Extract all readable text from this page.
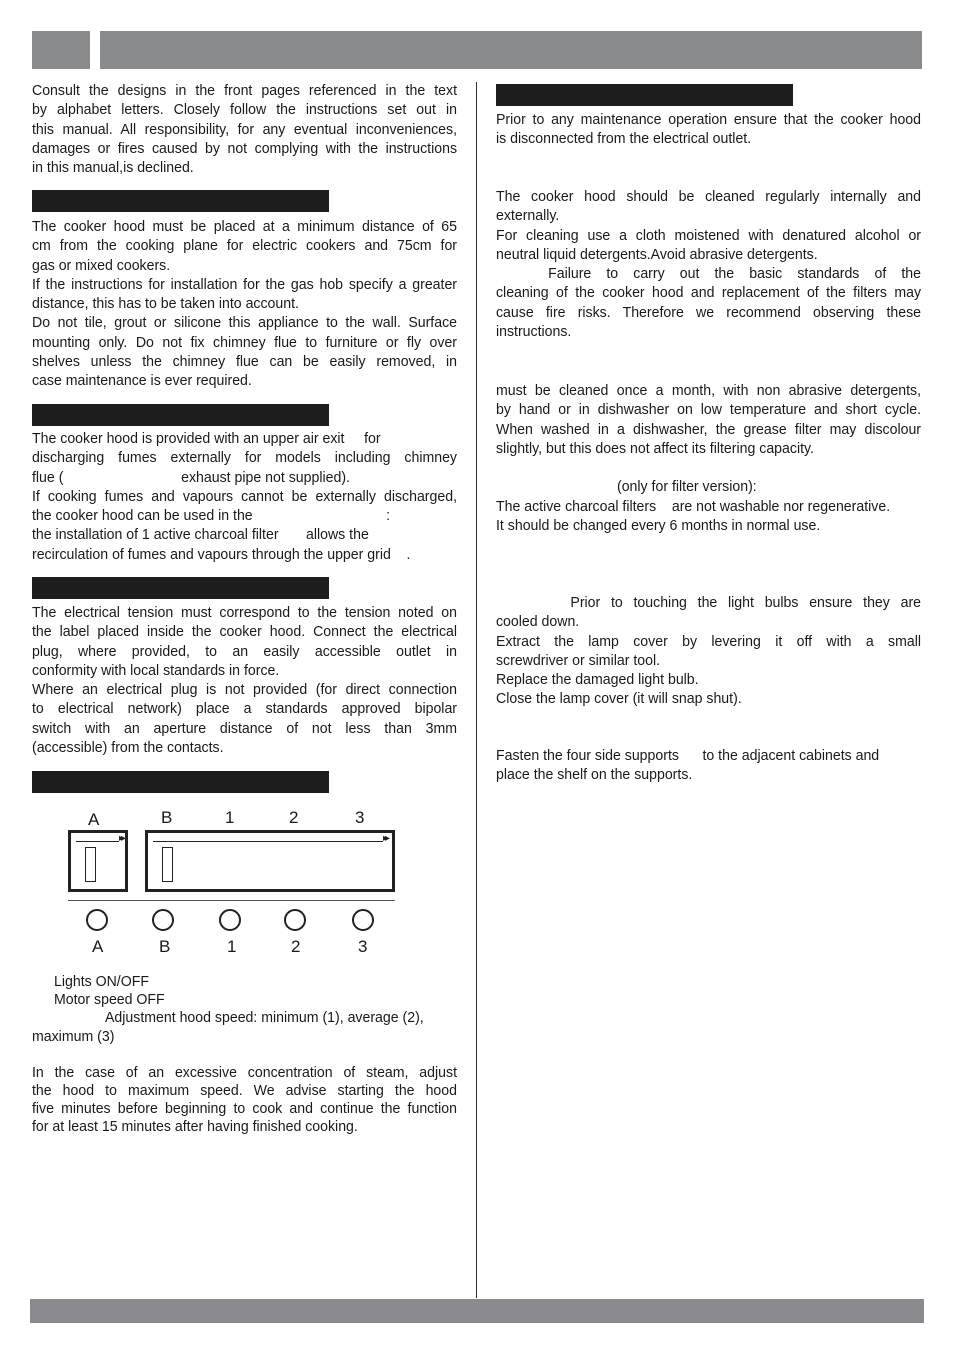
Consult the designs in the front pages referenced in the text
by alphabet letters. Closely follow the instructions set out in
this manual. All responsibility, for any eventual inconveniences,
damages or fires caused by not complying with the instructions
in this manual,is declined.
The cooker hood must be placed at a minimum distance of 65
cm from the cooking plane for electric cookers and 75cm for
gas or mixed cookers.
If the instructions for installation for the gas hob specify a greater
distance, this has to be taken into account.
Do not tile, grout or silicone this appliance to the wall. Surface
mounting only. Do not fix chimney flue to furniture or fly over
shelves unless the chimney flue can be easily removed, in
case maintenance is ever required.
The cooker hood is provided with an upper air exit     for
discharging fumes externally for models including chimney
flue (                              exhaust pipe not supplied).
If cooking fumes and vapours cannot be externally discharged,
the cooker hood can be used in the                                  :
the installation of 1 active charcoal filter       allows the
recirculation of fumes and vapours through the upper grid    .
The electrical tension must correspond to the tension noted on
the label placed inside the cooker hood. Connect the electrical
plug, where provided, to an easily accessible outlet in
conformity with local standards in force.
Where an electrical plug is not provided (for direct connection
to electrical network) place a standards approved bipolar
switch with an aperture distance of not less than 3mm
(accessible) from the contacts.
A	B	1	2	3
▸▸
▸▸
A	B	1	2	3

Lights ON/OFF

Motor speed OFF

Adjustment hood speed: minimum (1), average (2),

maximum (3)

In the case of an excessive concentration of steam, adjust
the hood to maximum speed. We advise starting the hood
five minutes before beginning to cook and continue the function
for at least 15 minutes after having finished cooking.
Prior to any maintenance operation ensure that the cooker hood
is disconnected from the electrical outlet.
The cooker hood should be cleaned regularly internally and
externally.
For cleaning use a cloth moistened with denatured alcohol or
neutral liquid detergents.Avoid abrasive detergents.
Failure to carry out the basic standards of the
cleaning of the cooker hood and replacement of the filters may
cause fire risks. Therefore we recommend observing these
instructions.
must be cleaned once a month, with non abrasive detergents,
by hand or in dishwasher on low temperature and short cycle.
When washed in a dishwasher, the grease filter may discolour
slightly, but this does not affect its filtering capacity.

(only for filter version):

The active charcoal filters    are not washable nor regenerative.
It should be changed every 6 months in normal use.
Prior to touching the light bulbs ensure they are
cooled down.
Extract the lamp cover by levering it off with a small
screwdriver or similar tool.
Replace the damaged light bulb.
Close the lamp cover (it will snap shut).
Fasten the four side supports      to the adjacent cabinets and
place the shelf on the supports.
